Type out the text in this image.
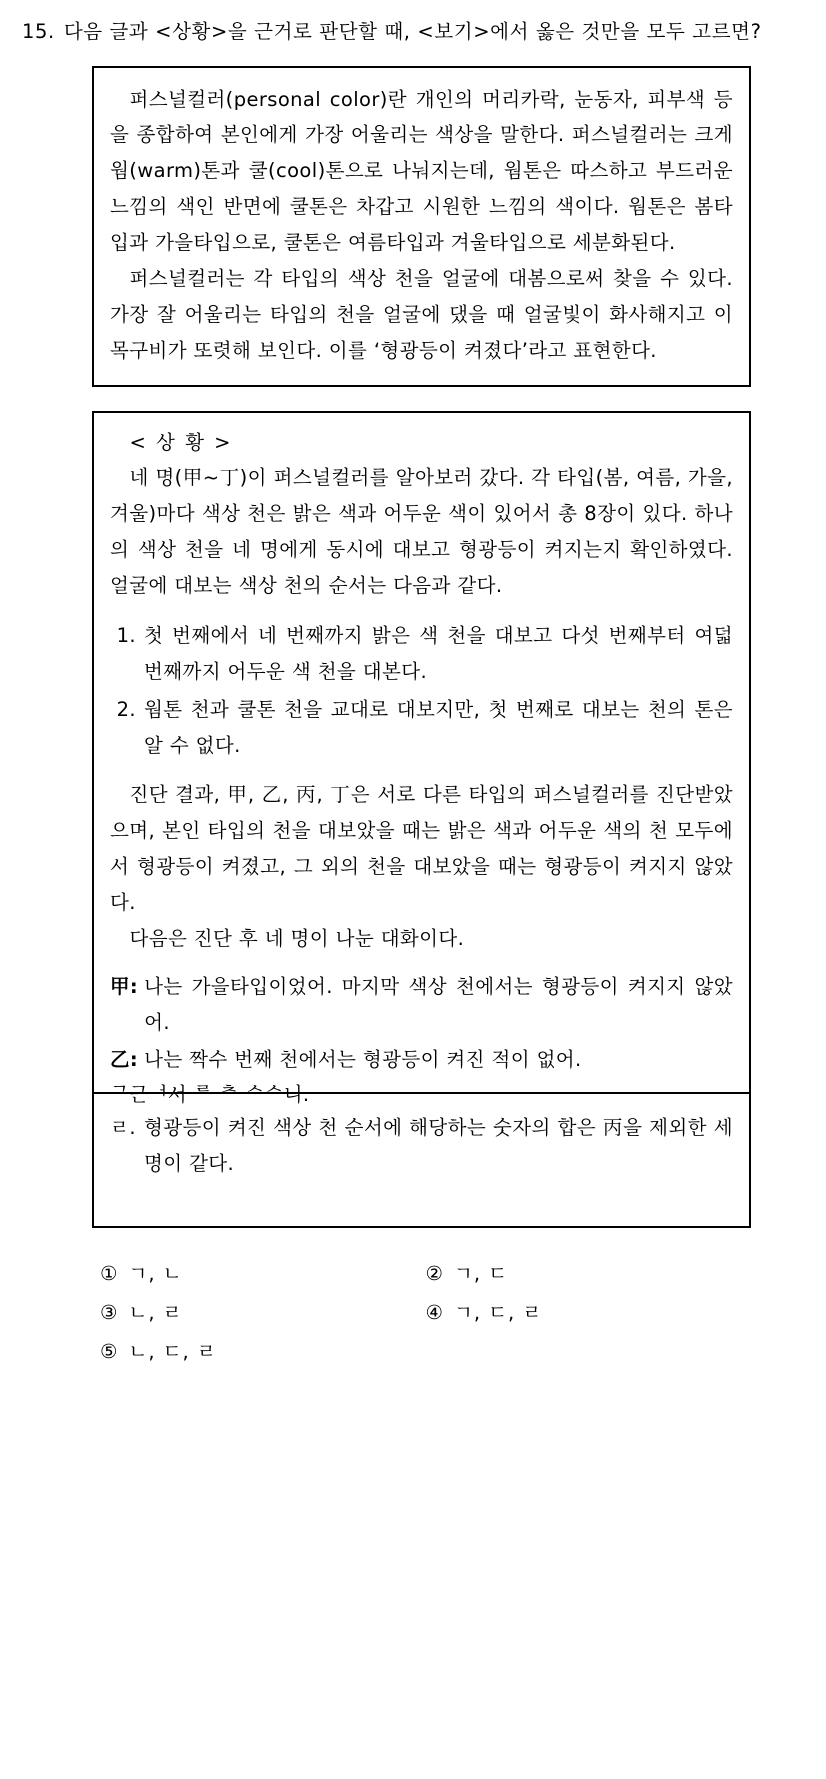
15. 다음 글과 <상황>을 근거로 판단할 때, <보기>에서 옳은 것만을 모두 고르면?

퍼스널컬러(personal color)란 개인의 머리카락, 눈동자, 피부색 등을 종합하여 본인에게 가장 어울리는 색상을 말한다. 퍼스널컬러는 크게 웜(warm)톤과 쿨(cool)톤으로 나눠지는데, 웜톤은 따스하고 부드러운 느낌의 색인 반면에 쿨톤은 차갑고 시원한 느낌의 색이다. 웜톤은 봄타입과 가을타입으로, 쿨톤은 여름타입과 겨울타입으로 세분화된다.

퍼스널컬러는 각 타입의 색상 천을 얼굴에 대봄으로써 찾을 수 있다. 가장 잘 어울리는 타입의 천을 얼굴에 댔을 때 얼굴빛이 화사해지고 이목구비가 또렷해 보인다. 이를 ‘형광등이 켜졌다’라고 표현한다.

< 상 황 >

네 명(甲~丁)이 퍼스널컬러를 알아보러 갔다. 각 타입(봄, 여름, 가을, 겨울)마다 색상 천은 밝은 색과 어두운 색이 있어서 총 8장이 있다. 하나의 색상 천을 네 명에게 동시에 대보고 형광등이 켜지는지 확인하였다. 얼굴에 대보는 색상 천의 순서는 다음과 같다.

1. 첫 번째에서 네 번째까지 밝은 색 천을 대보고 다섯 번째부터 여덟 번째까지 어두운 색 천을 대본다.
2. 웜톤 천과 쿨톤 천을 교대로 대보지만, 첫 번째로 대보는 천의 톤은 알 수 없다.

진단 결과, 甲, 乙, 丙, 丁은 서로 다른 타입의 퍼스널컬러를 진단받았으며, 본인 타입의 천을 대보았을 때는 밝은 색과 어두운 색의 천 모두에서 형광등이 켜졌고, 그 외의 천을 대보았을 때는 형광등이 켜지지 않았다.

다음은 진단 후 네 명이 나눈 대화이다.

甲: 나는 가을타입이었어. 마지막 색상 천에서는 형광등이 켜지지 않았어.
乙: 나는 짝수 번째 천에서는 형광등이 켜진 적이 없어.
ᄀ근ᅥ서 ᄅ ᄎ ᄉᄉ니.
ㄹ. 형광등이 켜진 색상 천 순서에 해당하는 숫자의 합은 丙을 제외한 세 명이 같다.
① ㄱ, ㄴ	② ㄱ, ㄷ
③ ㄴ, ㄹ	④ ㄱ, ㄷ, ㄹ
⑤ ㄴ, ㄷ, ㄹ
